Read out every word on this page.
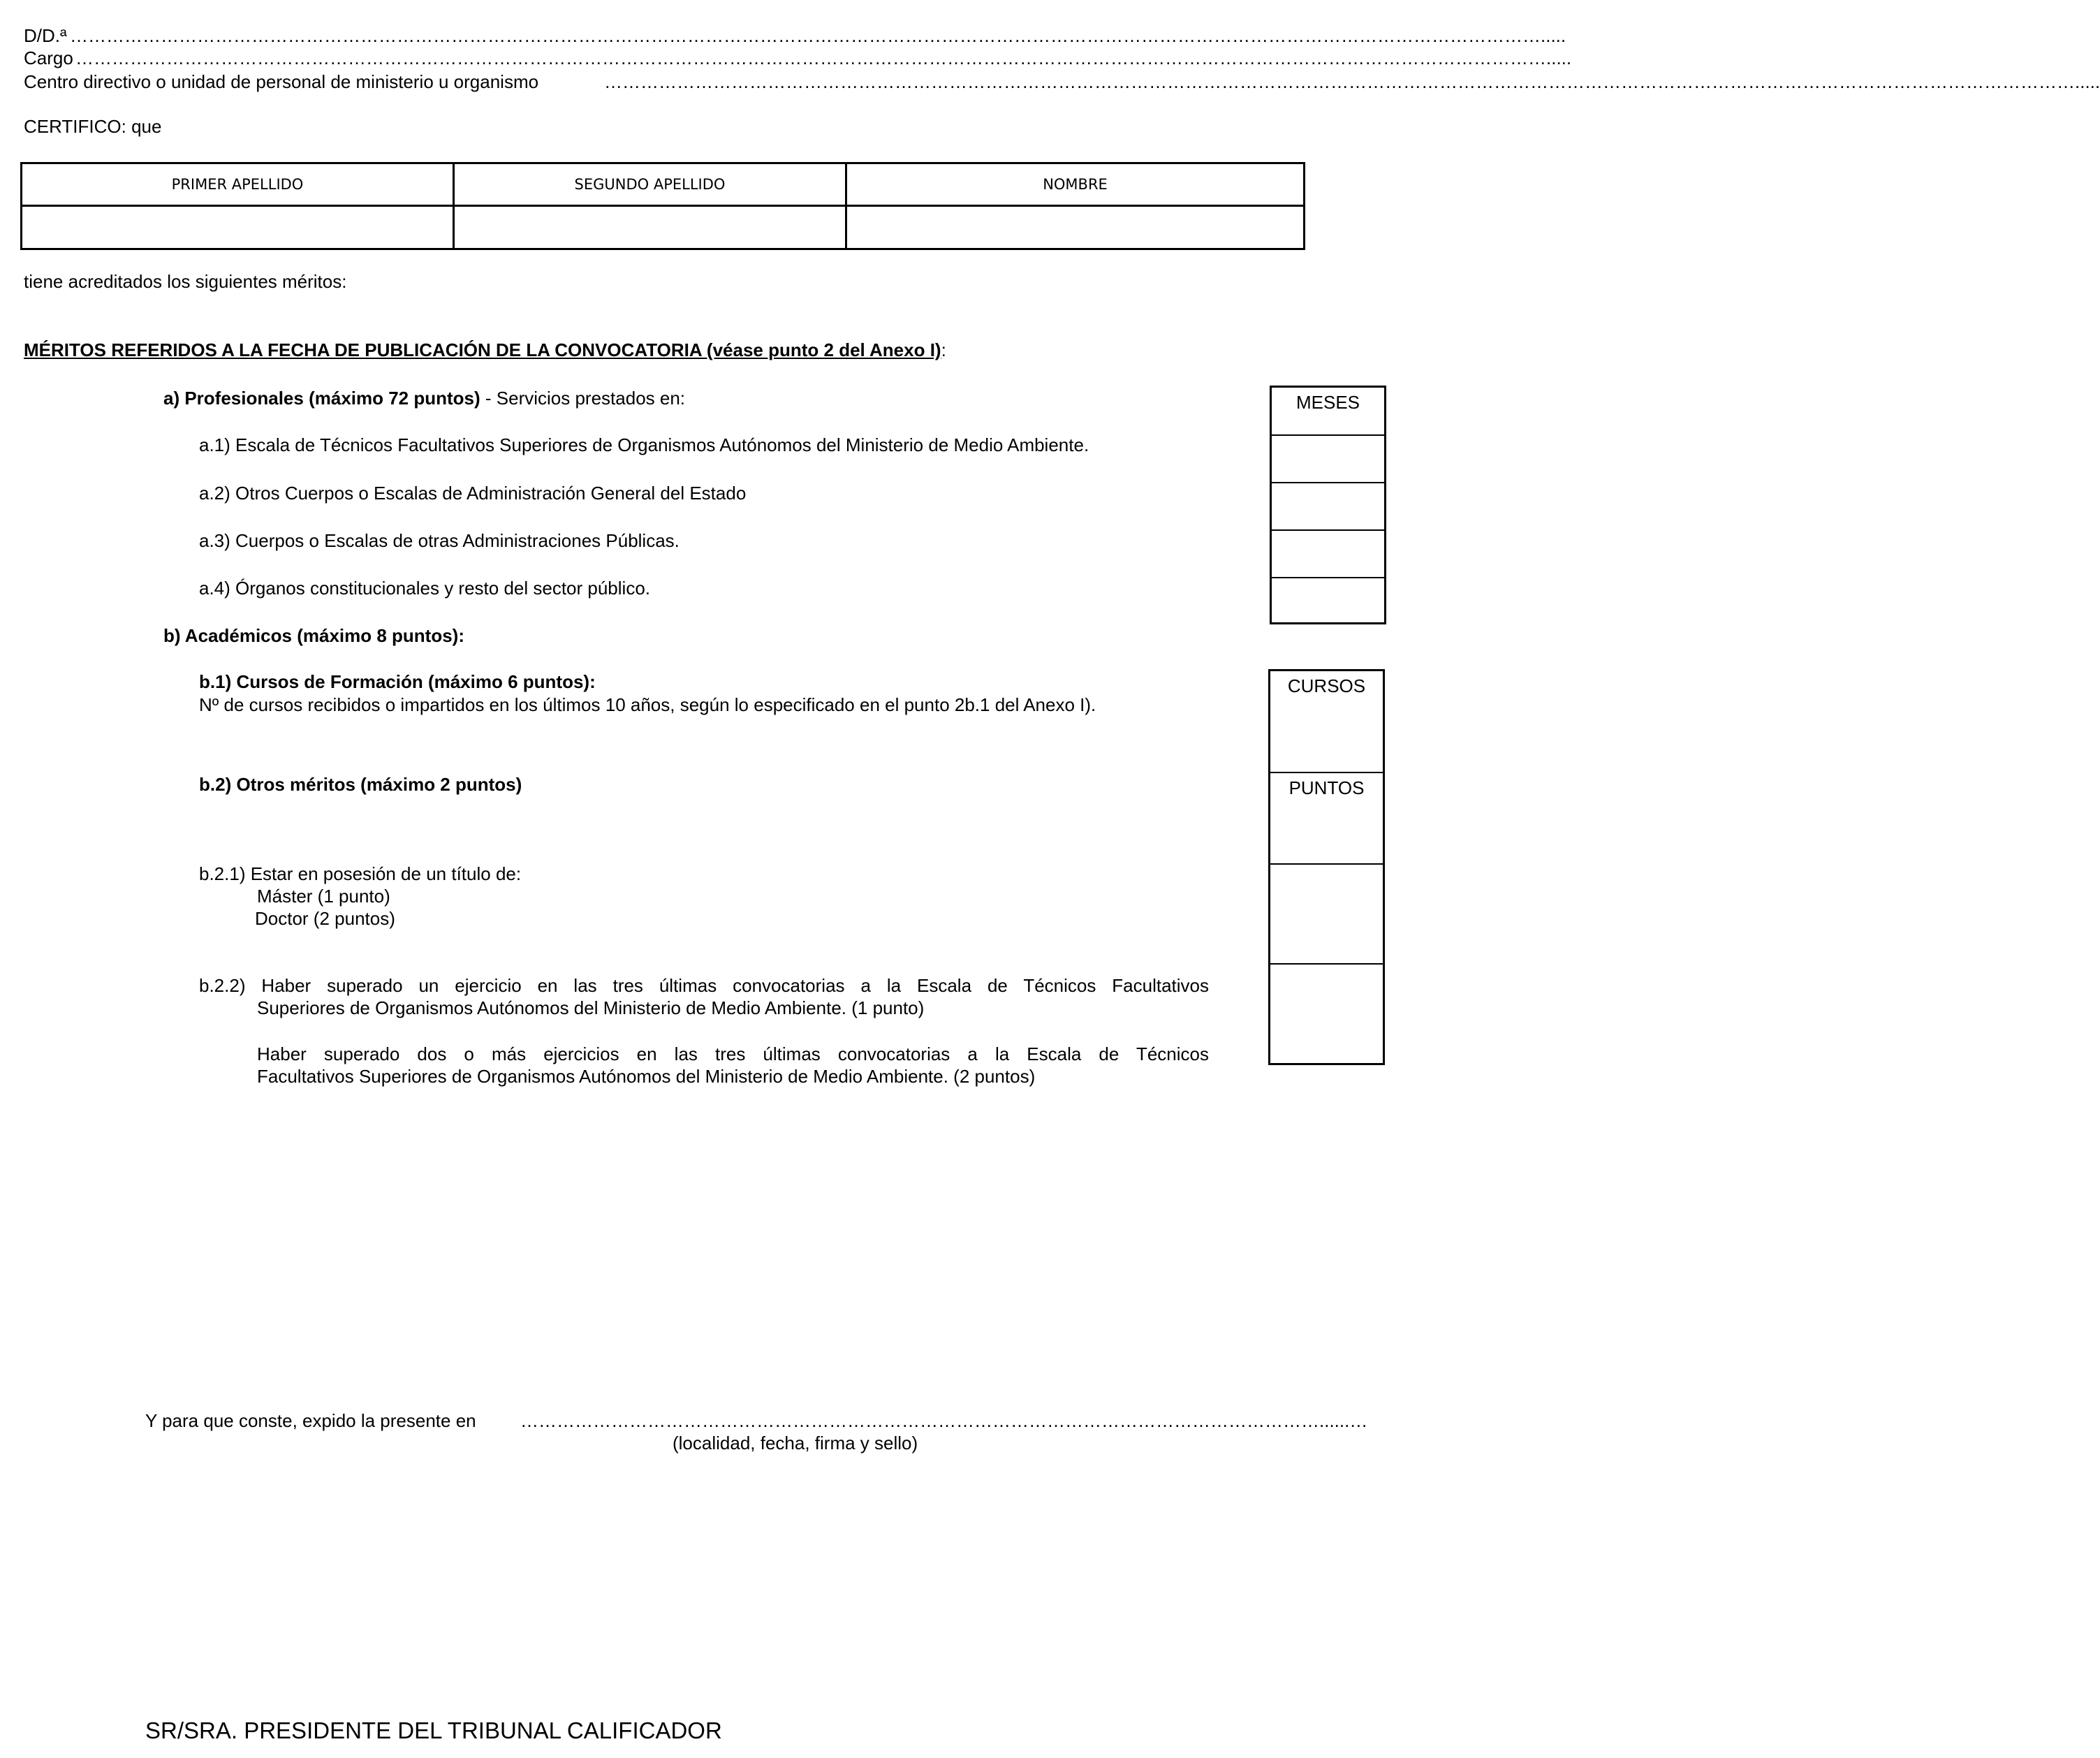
D/D.ª ……………………………………………………………………………………………………………………………………………………………………………………………………………………….....
Cargo ……………………………………………………………………………………………………………………………………………………………………………………………………………………….....
Centro directivo o unidad de personal de ministerio u organismo	……………………………………………………………………………………………………………………………………………………………………………………………………………………….....
CERTIFICO: que
PRIMER APELLIDO	SEGUNDO APELLIDO	NOMBRE

tiene acreditados los siguientes méritos:
MÉRITOS REFERIDOS A LA FECHA DE PUBLICACIÓN DE LA CONVOCATORIA (véase punto 2 del Anexo I):
a) Profesionales (máximo 72 puntos) - Servicios prestados en:
a.1) Escala de Técnicos Facultativos Superiores de Organismos Autónomos del Ministerio de Medio Ambiente.
a.2) Otros Cuerpos o Escalas de Administración General del Estado
a.3) Cuerpos o Escalas de otras Administraciones Públicas.
a.4) Órganos constitucionales y resto del sector público.
MESES
b) Académicos (máximo 8 puntos):
b.1) Cursos de Formación (máximo 6 puntos):
Nº de cursos recibidos o impartidos en los últimos 10 años, según lo especificado en el punto 2b.1 del Anexo I).
b.2) Otros méritos (máximo 2 puntos)
b.2.1) Estar en posesión de un título de:
Máster (1 punto)
Doctor (2 puntos)
b.2.2) Haber superado un ejercicio en las tres últimas convocatorias a la Escala de Técnicos Facultativos
Superiores de Organismos Autónomos del Ministerio de Medio Ambiente. (1 punto)
Haber superado dos o más ejercicios en las tres últimas convocatorias a la Escala de Técnicos
Facultativos Superiores de Organismos Autónomos del Ministerio de Medio Ambiente. (2 puntos)
CURSOS
PUNTOS
Y para que conste, expido la presente en ……………………………………………………………………………………………………………………......…
(localidad, fecha, firma y sello)
SR/SRA. PRESIDENTE DEL TRIBUNAL CALIFICADOR
